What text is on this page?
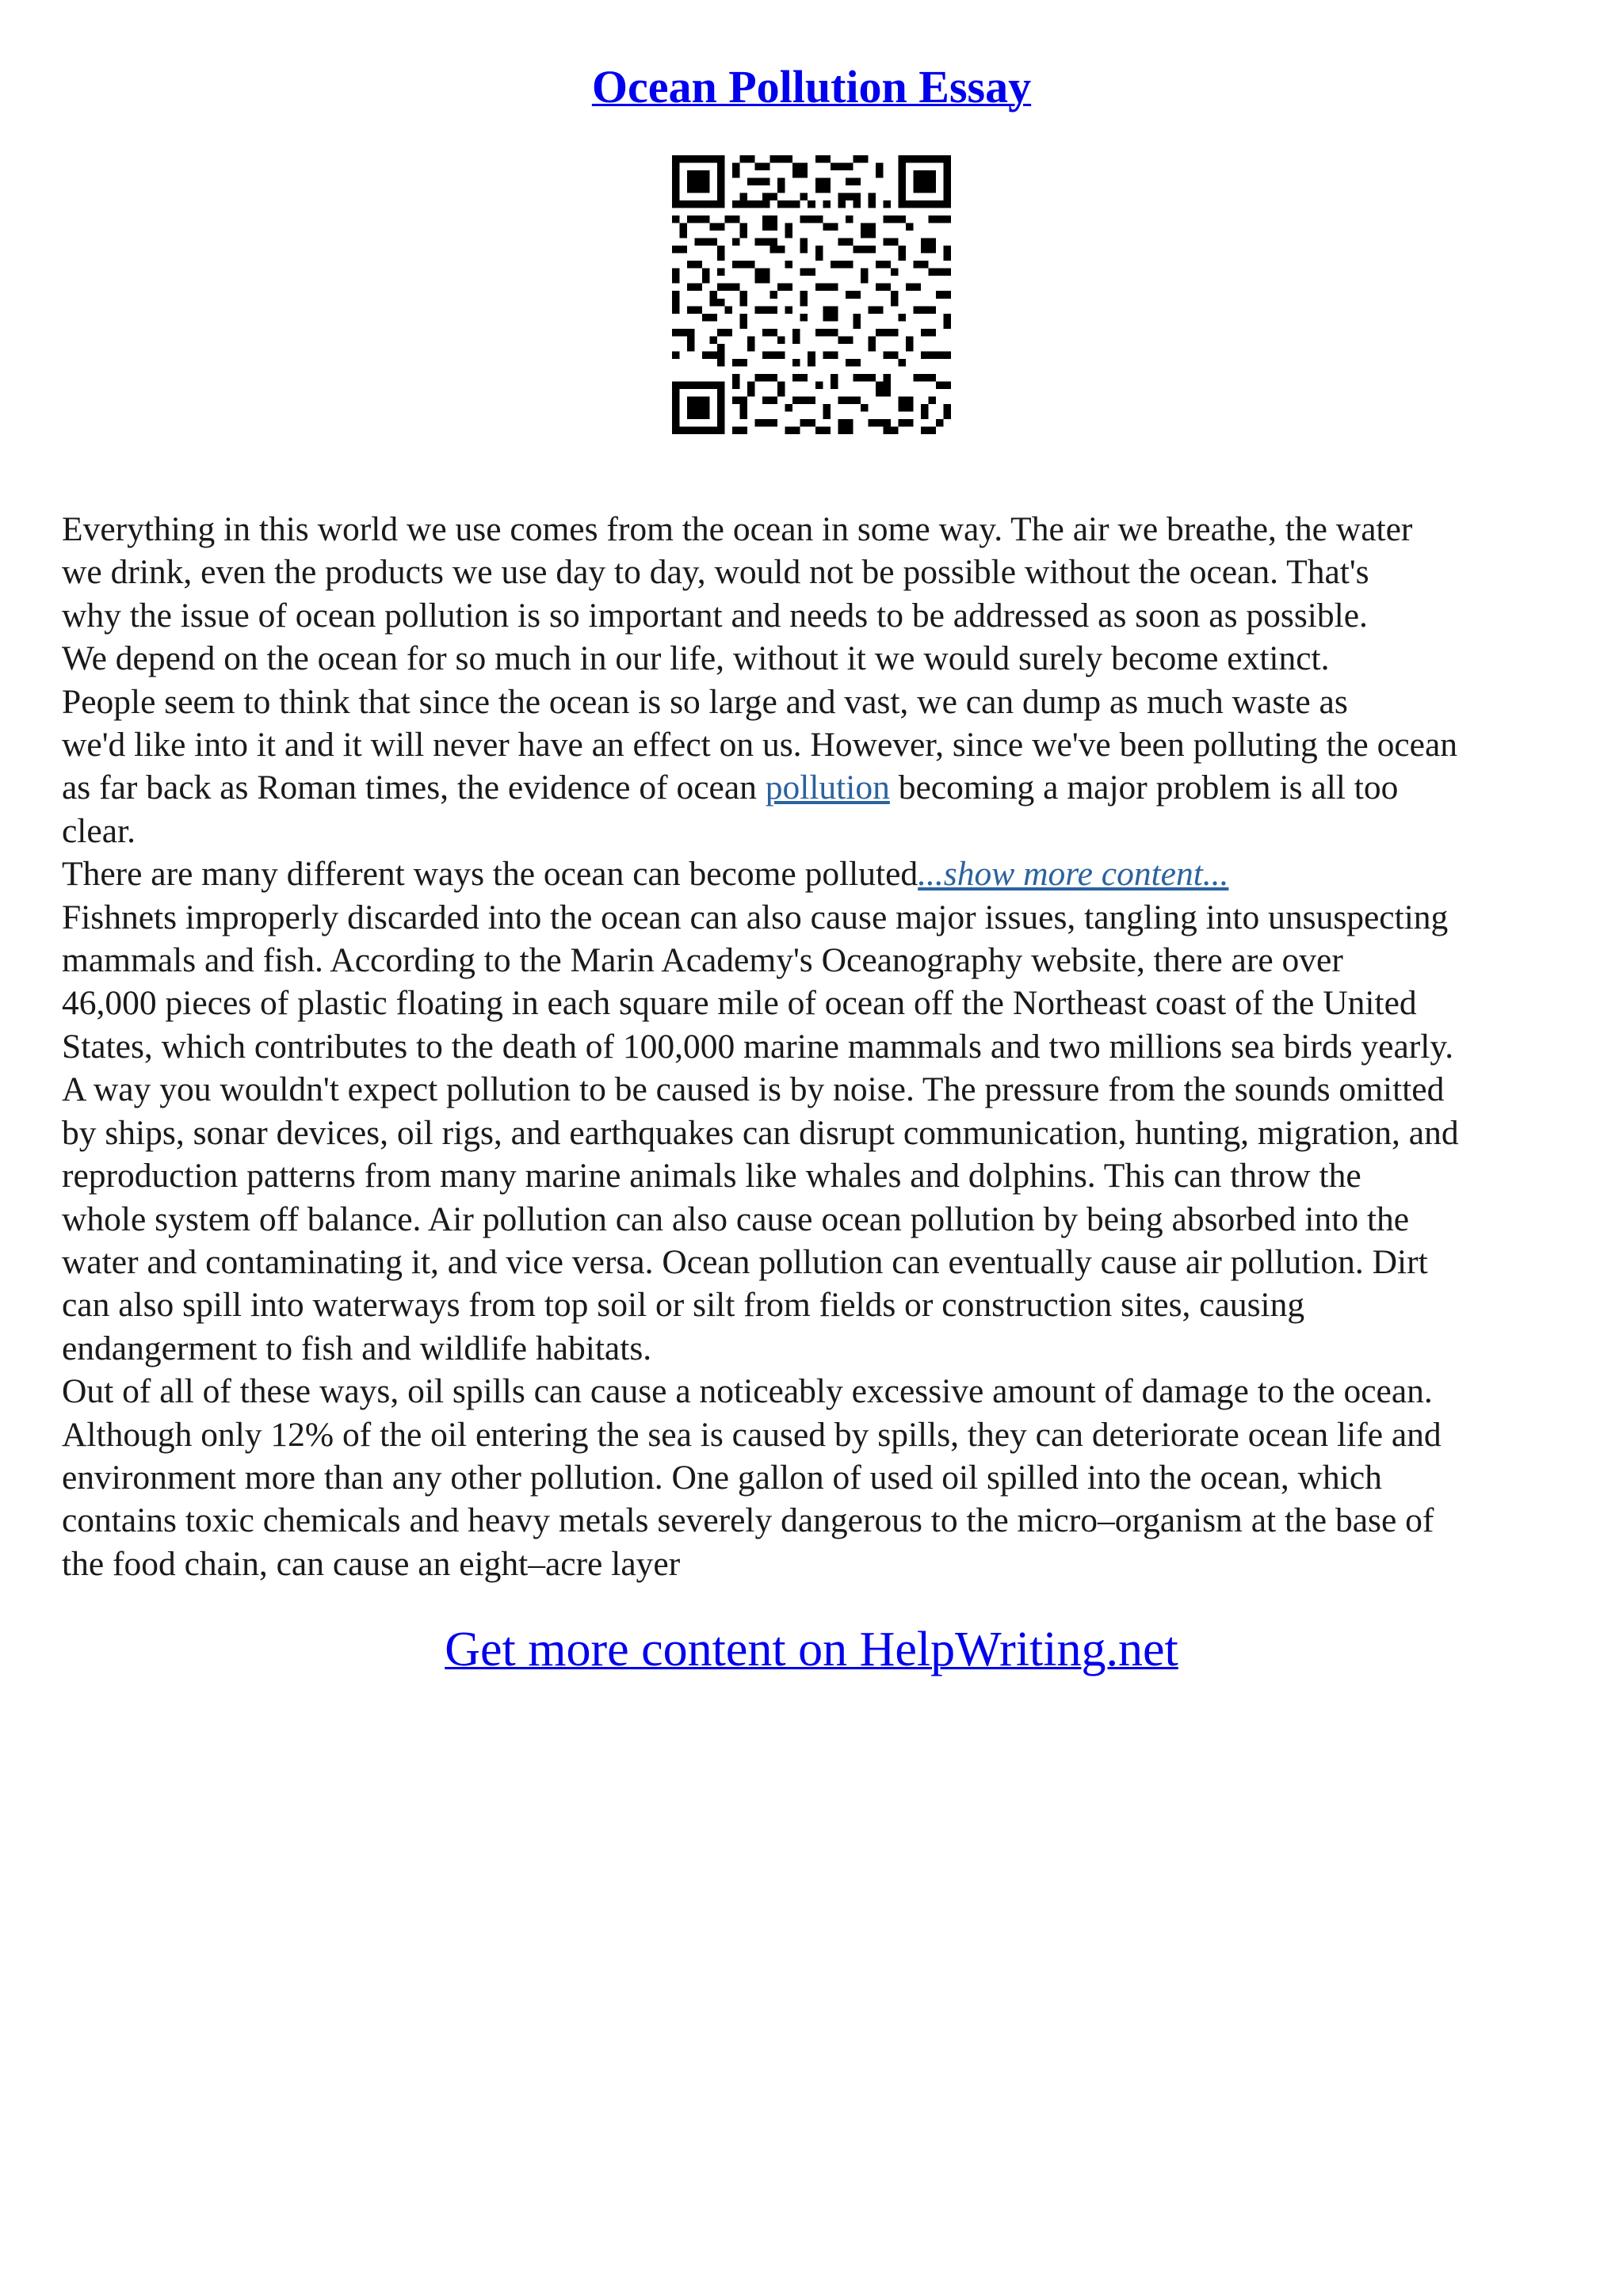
Ocean Pollution Essay
Everything in this world we use comes from the ocean in some way. The air we breathe, the water
we drink, even the products we use day to day, would not be possible without the ocean. That's
why the issue of ocean pollution is so important and needs to be addressed as soon as possible.
We depend on the ocean for so much in our life, without it we would surely become extinct.
People seem to think that since the ocean is so large and vast, we can dump as much waste as
we'd like into it and it will never have an effect on us. However, since we've been polluting the ocean
as far back as Roman times, the evidence of ocean pollution becoming a major problem is all too
clear.
There are many different ways the ocean can become polluted...show more content...
Fishnets improperly discarded into the ocean can also cause major issues, tangling into unsuspecting
mammals and fish. According to the Marin Academy's Oceanography website, there are over
46,000 pieces of plastic floating in each square mile of ocean off the Northeast coast of the United
States, which contributes to the death of 100,000 marine mammals and two millions sea birds yearly.
A way you wouldn't expect pollution to be caused is by noise. The pressure from the sounds omitted
by ships, sonar devices, oil rigs, and earthquakes can disrupt communication, hunting, migration, and
reproduction patterns from many marine animals like whales and dolphins. This can throw the
whole system off balance. Air pollution can also cause ocean pollution by being absorbed into the
water and contaminating it, and vice versa. Ocean pollution can eventually cause air pollution. Dirt
can also spill into waterways from top soil or silt from fields or construction sites, causing
endangerment to fish and wildlife habitats.
Out of all of these ways, oil spills can cause a noticeably excessive amount of damage to the ocean.
Although only 12% of the oil entering the sea is caused by spills, they can deteriorate ocean life and
environment more than any other pollution. One gallon of used oil spilled into the ocean, which
contains toxic chemicals and heavy metals severely dangerous to the micro–organism at the base of
the food chain, can cause an eight–acre layer

Get more content on HelpWriting.net
